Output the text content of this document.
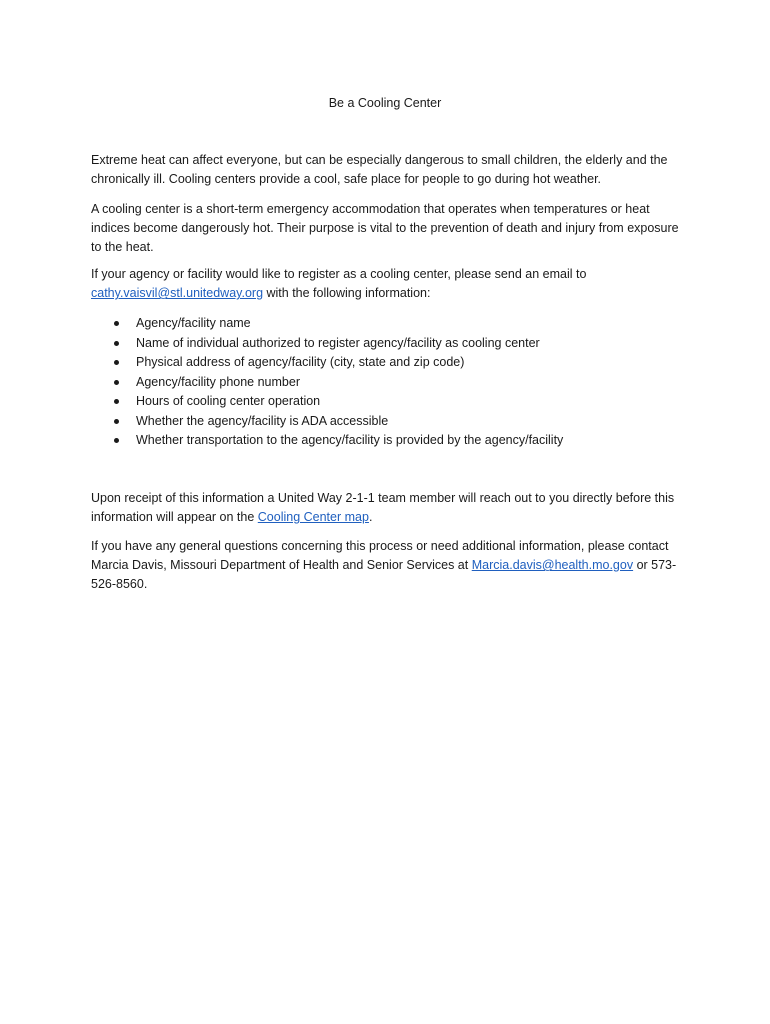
Be a Cooling Center

Extreme heat can affect everyone, but can be especially dangerous to small children, the elderly and the chronically ill. Cooling centers provide a cool, safe place for people to go during hot weather.

A cooling center is a short-term emergency accommodation that operates when temperatures or heat indices become dangerously hot. Their purpose is vital to the prevention of death and injury from exposure to the heat.

If your agency or facility would like to register as a cooling center, please send an email to cathy.vaisvil@stl.unitedway.org with the following information:

Agency/facility name
Name of individual authorized to register agency/facility as cooling center
Physical address of agency/facility (city, state and zip code)
Agency/facility phone number
Hours of cooling center operation
Whether the agency/facility is ADA accessible
Whether transportation to the agency/facility is provided by the agency/facility

Upon receipt of this information a United Way 2-1-1 team member will reach out to you directly before this information will appear on the Cooling Center map.

If you have any general questions concerning this process or need additional information, please contact Marcia Davis, Missouri Department of Health and Senior Services at Marcia.davis@health.mo.gov or 573-526-8560.
